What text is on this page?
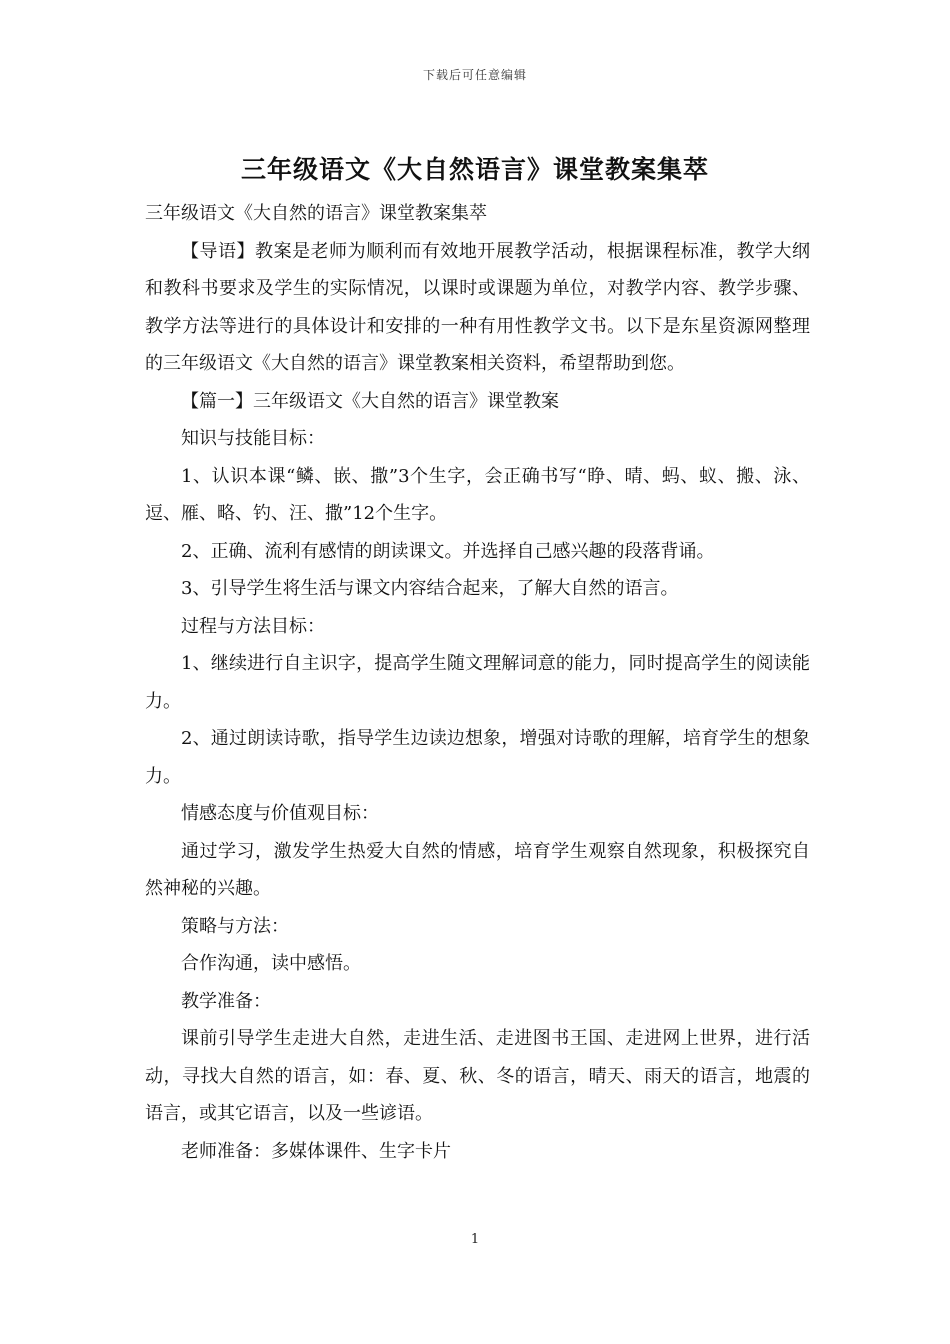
下载后可任意编辑
三年级语文《大自然语言》课堂教案集萃

三年级语文《大自然的语言》课堂教案集萃

【导语】教案是老师为顺利而有效地开展教学活动，根据课程标准，教学大纲和教科书要求及学生的实际情况，以课时或课题为单位，对教学内容、教学步骤、教学方法等进行的具体设计和安排的一种有用性教学文书。以下是东星资源网整理的三年级语文《大自然的语言》课堂教案相关资料，希望帮助到您。

【篇一】三年级语文《大自然的语言》课堂教案

知识与技能目标：

1、认识本课“鳞、嵌、撒”3个生字，会正确书写“睁、晴、蚂、蚁、搬、泳、逗、雁、略、钓、汪、撒”12个生字。

2、正确、流利有感情的朗读课文。并选择自己感兴趣的段落背诵。

3、引导学生将生活与课文内容结合起来，了解大自然的语言。

过程与方法目标：

1、继续进行自主识字，提高学生随文理解词意的能力，同时提高学生的阅读能力。

2、通过朗读诗歌，指导学生边读边想象，增强对诗歌的理解，培育学生的想象力。

情感态度与价值观目标：

通过学习，激发学生热爱大自然的情感，培育学生观察自然现象，积极探究自然神秘的兴趣。

策略与方法：

合作沟通，读中感悟。

教学准备：

课前引导学生走进大自然，走进生活、走进图书王国、走进网上世界，进行活动，寻找大自然的语言，如：春、夏、秋、冬的语言，晴天、雨天的语言，地震的语言，或其它语言，以及一些谚语。

老师准备：多媒体课件、生字卡片

1
